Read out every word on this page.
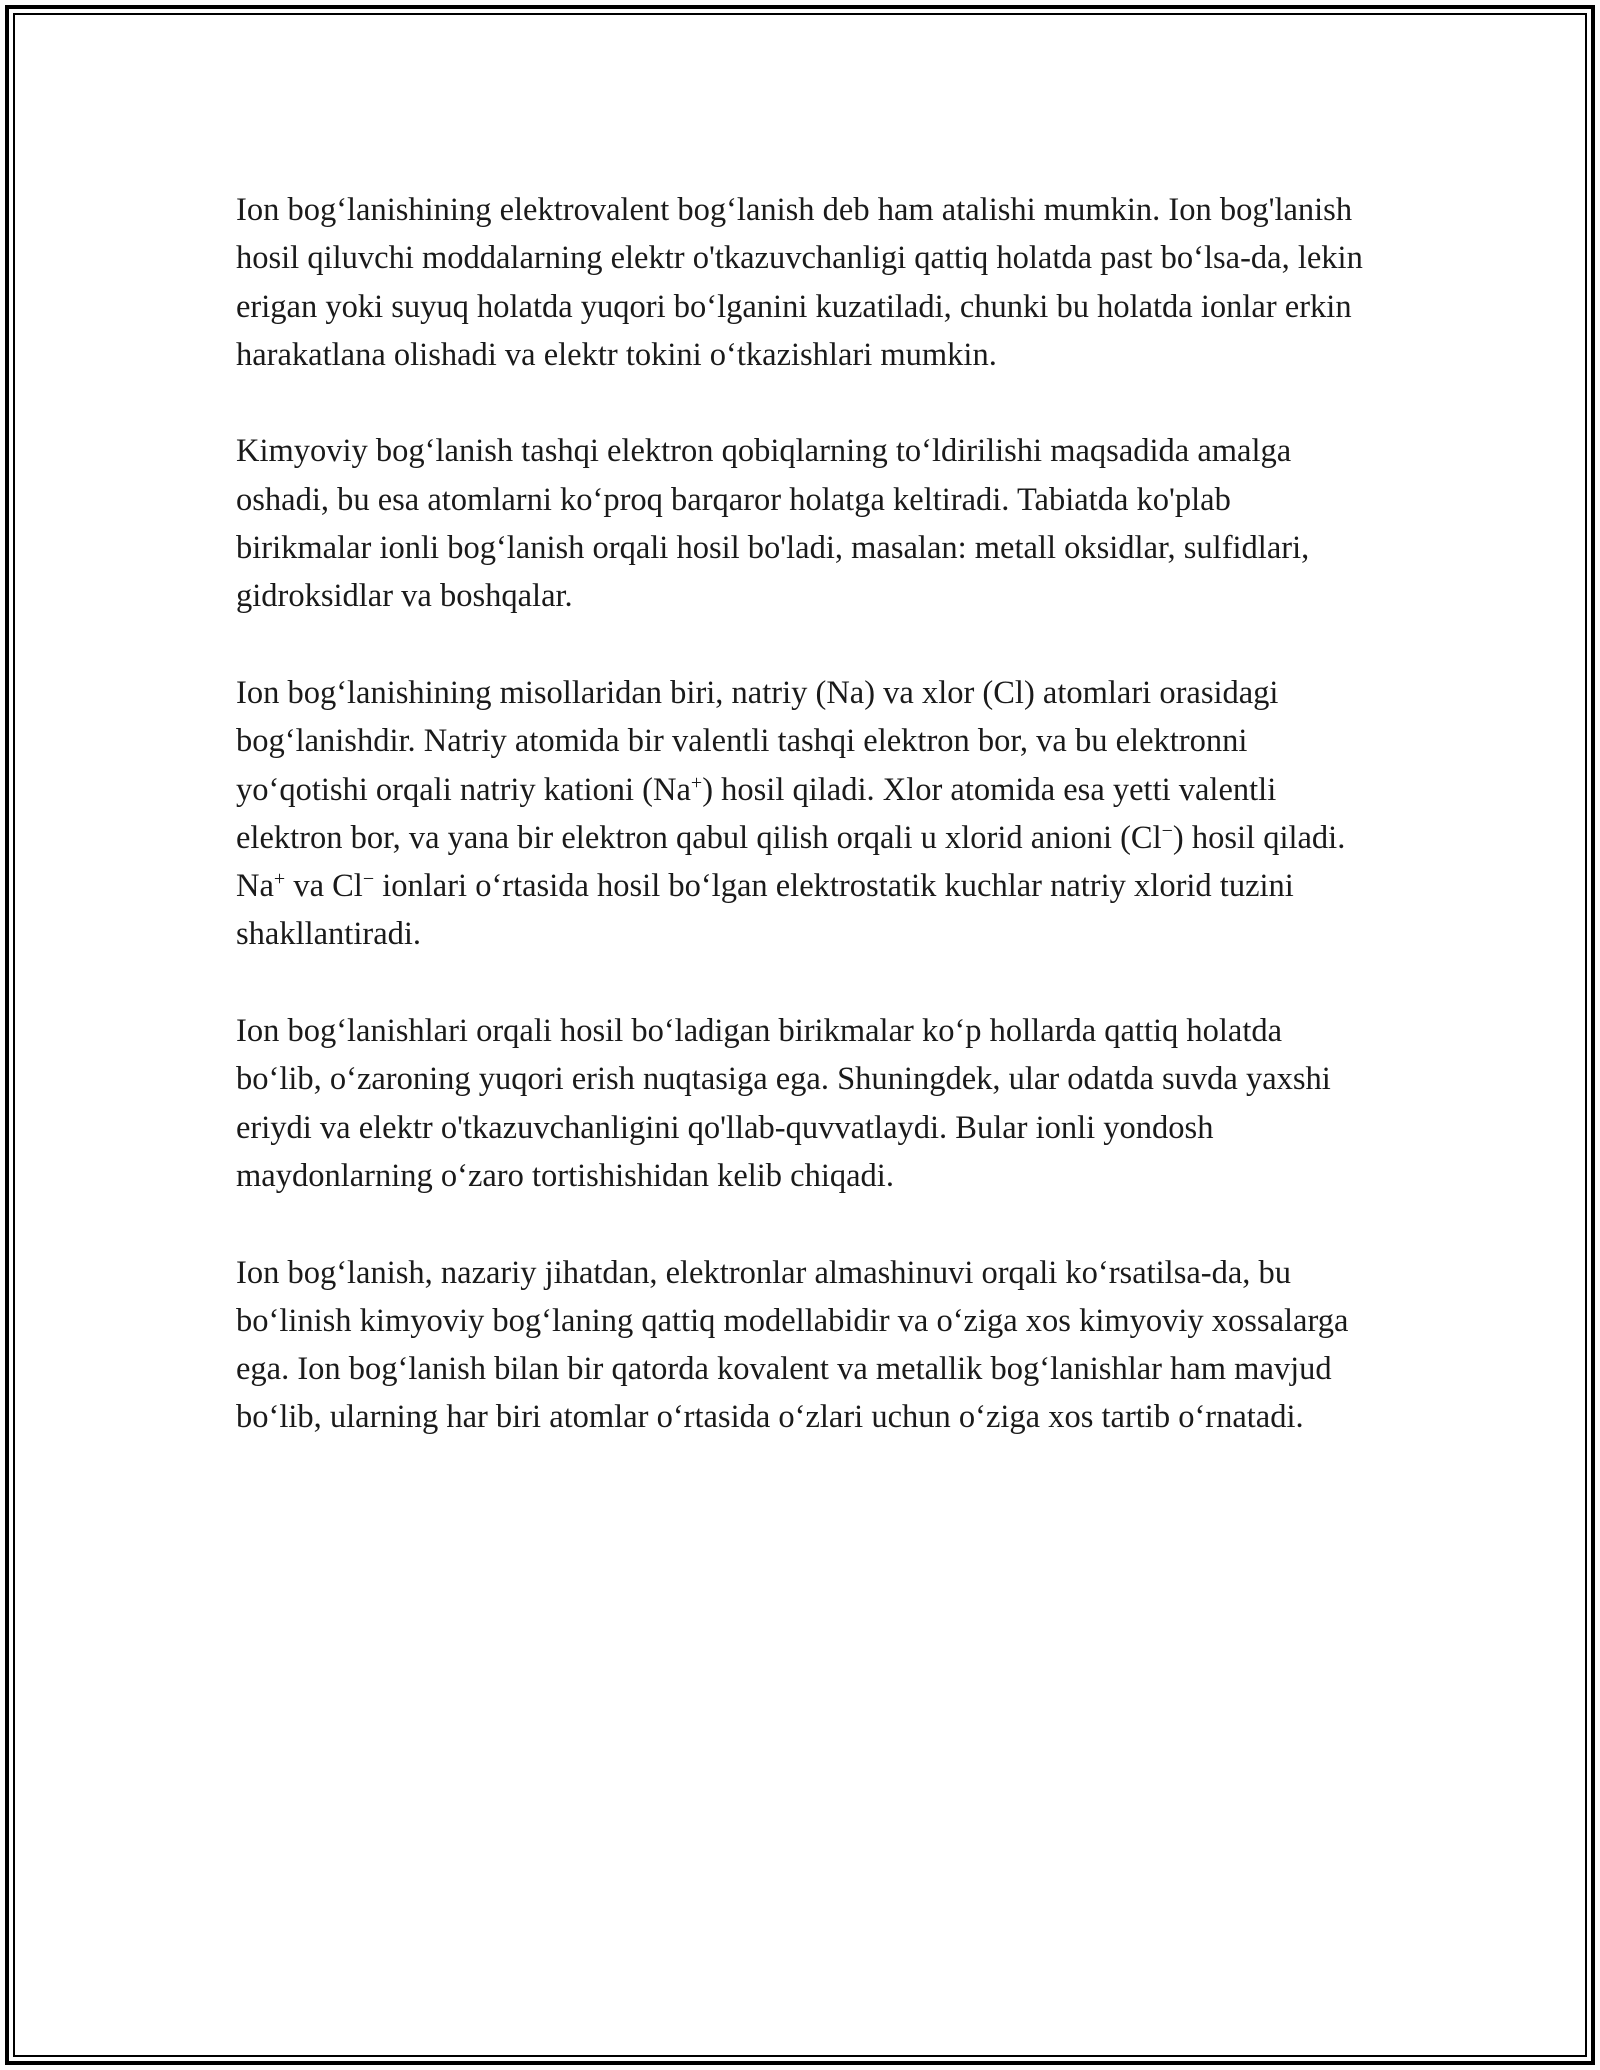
Ion bog‘lanishining elektrovalent bog‘lanish deb ham atalishi mumkin. Ion bog'lanish hosil qiluvchi moddalarning elektr o'tkazuvchanligi qattiq holatda past bo‘lsa-da, lekin erigan yoki suyuq holatda yuqori bo‘lganini kuzatiladi, chunki bu holatda ionlar erkin harakatlana olishadi va elektr tokini o‘tkazishlari mumkin.

Kimyoviy bog‘lanish tashqi elektron qobiqlarning to‘ldirilishi maqsadida amalga oshadi, bu esa atomlarni ko‘proq barqaror holatga keltiradi. Tabiatda ko'plab birikmalar ionli bog‘lanish orqali hosil bo'ladi, masalan: metall oksidlar, sulfidlari, gidroksidlar va boshqalar.

Ion bog‘lanishining misollaridan biri, natriy (Na) va xlor (Cl) atomlari orasidagi bog‘lanishdir. Natriy atomida bir valentli tashqi elektron bor, va bu elektronni yo‘qotishi orqali natriy kationi (Na+) hosil qiladi. Xlor atomida esa yetti valentli elektron bor, va yana bir elektron qabul qilish orqali u xlorid anioni (Cl−) hosil qiladi. Na+ va Cl− ionlari o‘rtasida hosil bo‘lgan elektrostatik kuchlar natriy xlorid tuzini shakllantiradi.

Ion bog‘lanishlari orqali hosil bo‘ladigan birikmalar ko‘p hollarda qattiq holatda bo‘lib, o‘zaroning yuqori erish nuqtasiga ega. Shuningdek, ular odatda suvda yaxshi eriydi va elektr o'tkazuvchanligini qo'llab-quvvatlaydi. Bular ionli yondosh maydonlarning o‘zaro tortishishidan kelib chiqadi.

Ion bog‘lanish, nazariy jihatdan, elektronlar almashinuvi orqali ko‘rsatilsa-da, bu bo‘linish kimyoviy bog‘laning qattiq modellabidir va o‘ziga xos kimyoviy xossalarga ega. Ion bog‘lanish bilan bir qatorda kovalent va metallik bog‘lanishlar ham mavjud bo‘lib, ularning har biri atomlar o‘rtasida o‘zlari uchun o‘ziga xos tartib o‘rnatadi.
